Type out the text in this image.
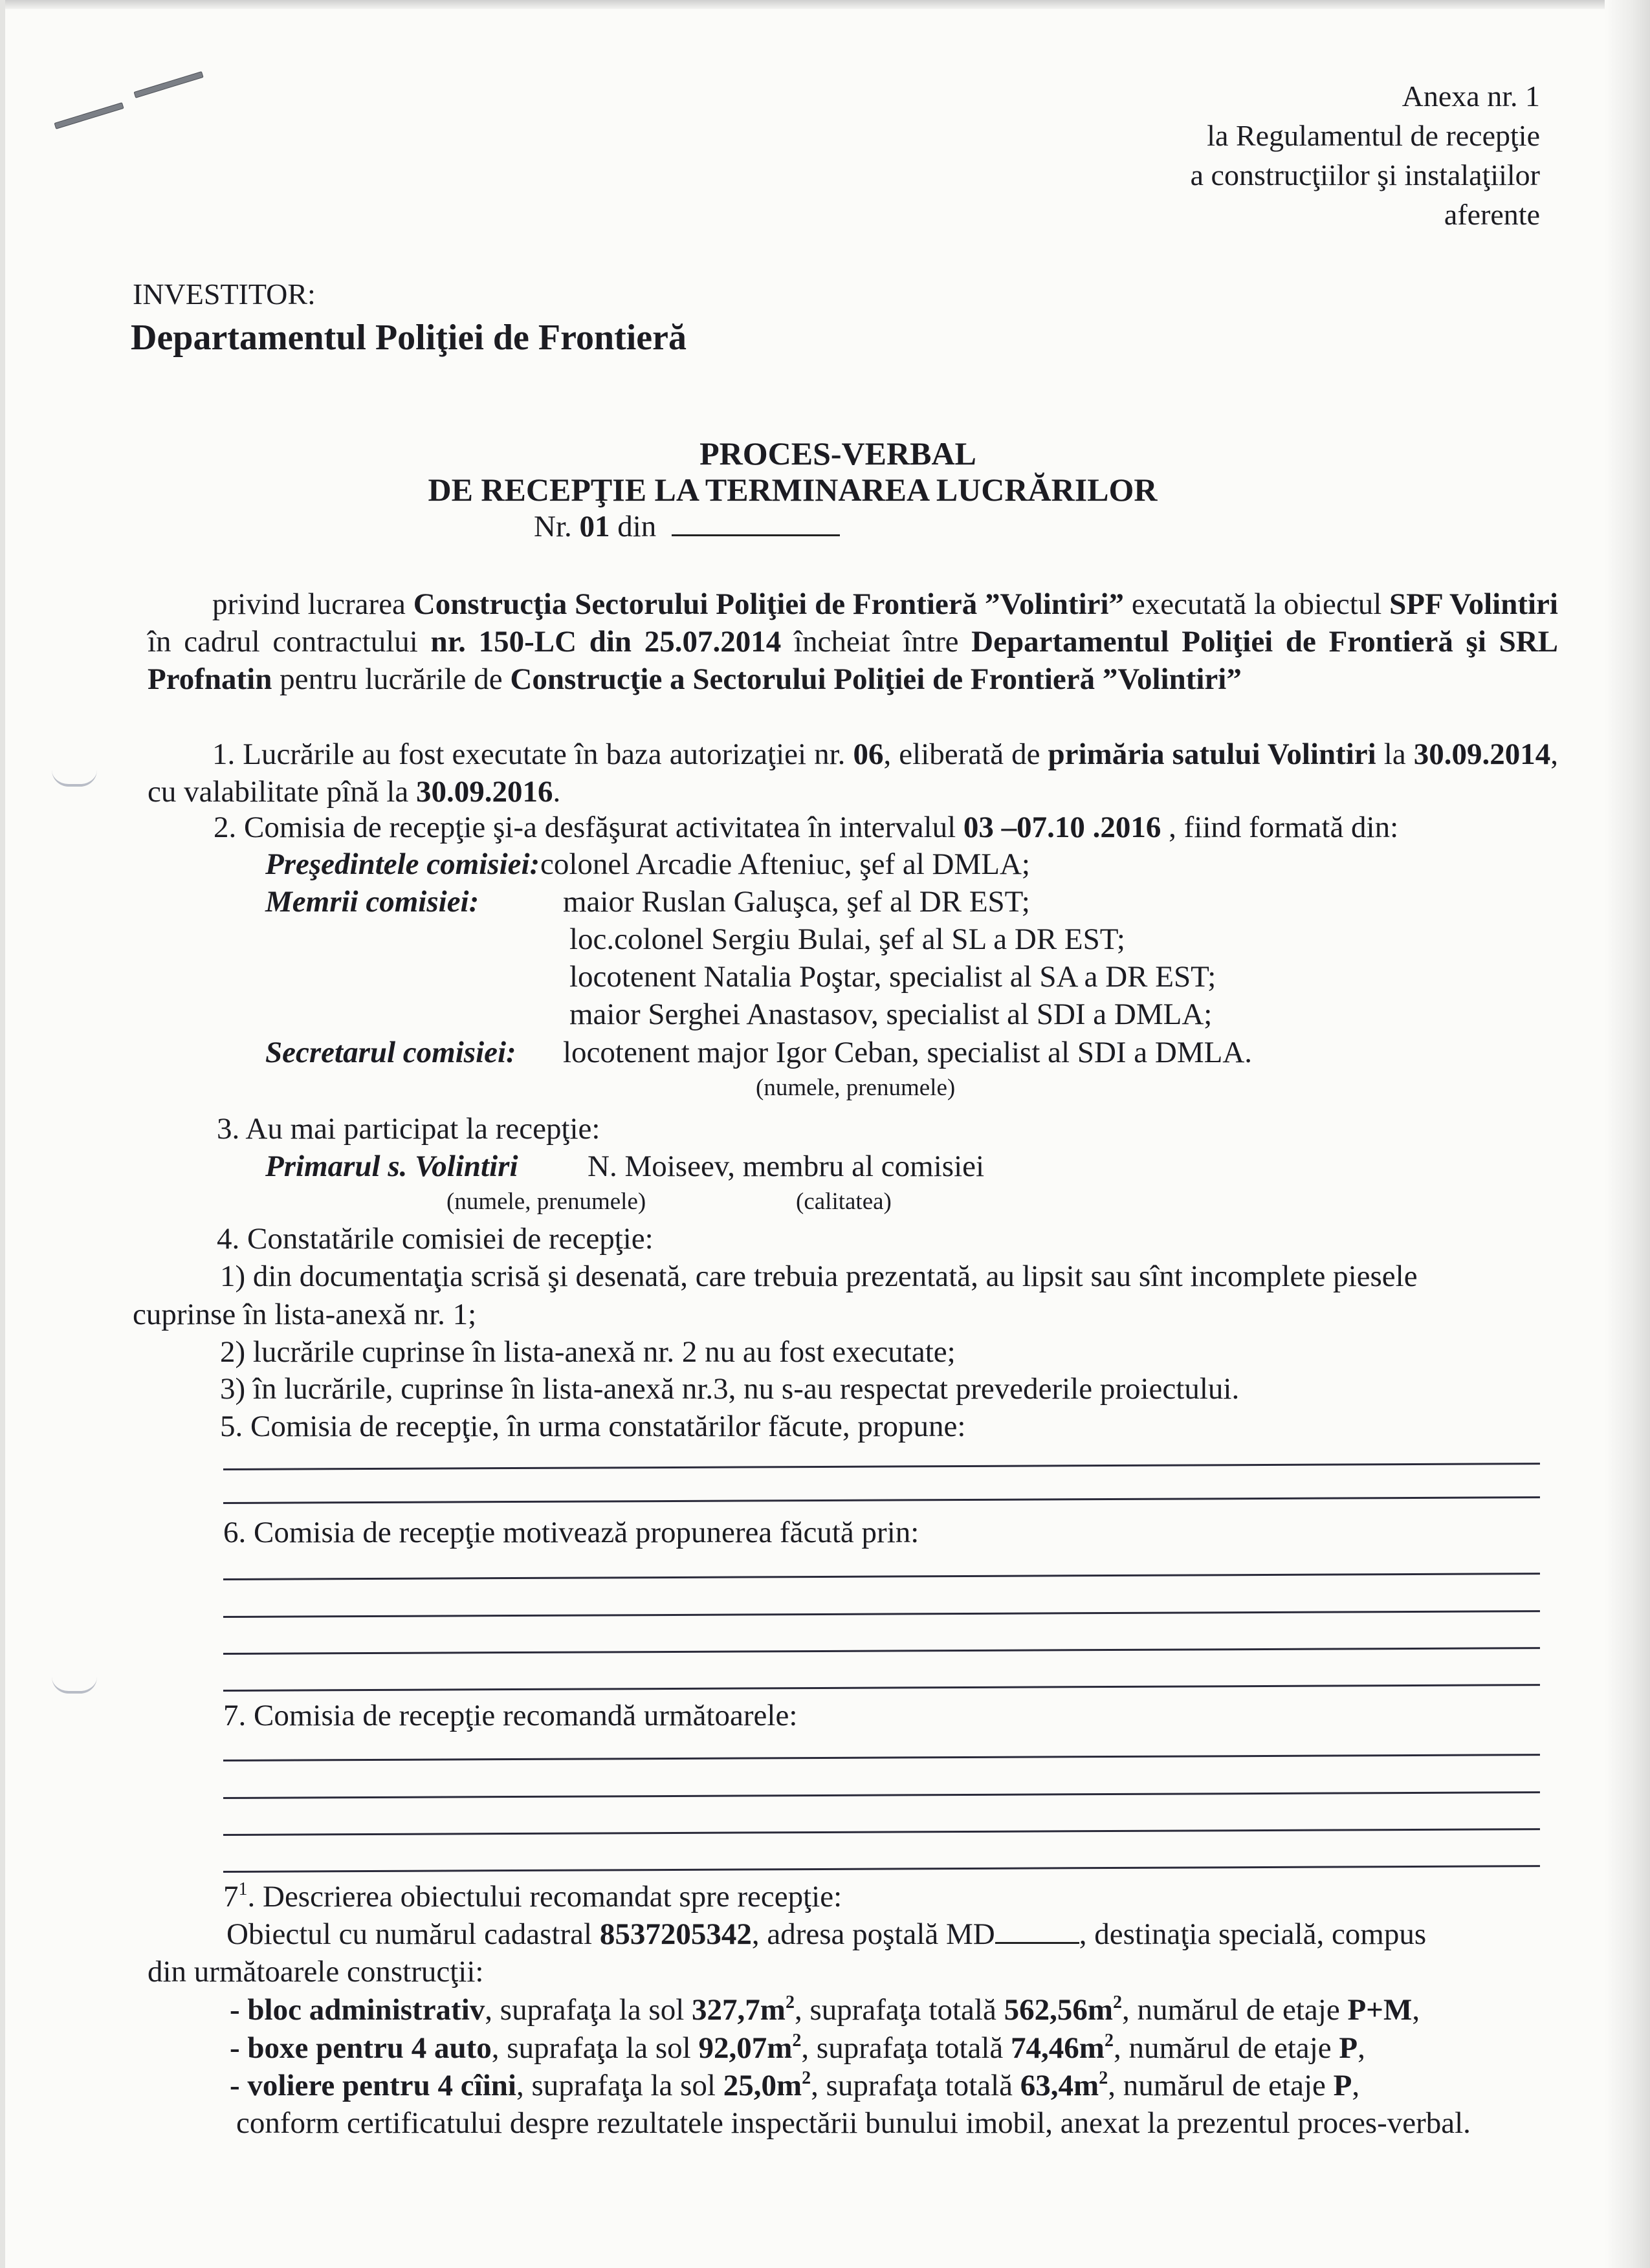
Anexa nr. 1
la Regulamentul de recepţie
a construcţiilor şi instalaţiilor
aferente
INVESTITOR:
Departamentul Poliţiei de Frontieră
PROCES-VERBAL
DE RECEPŢIE LA TERMINAREA LUCRĂRILOR
Nr. 01 din
privind lucrarea Construcţia Sectorului Poliţiei de Frontieră ”Volintiri” executată la obiectul SPF Volintiri în cadrul contractului nr. 150-LC din 25.07.2014 încheiat între Departamentul Poliţiei de Frontieră şi SRL Profnatin pentru lucrările de Construcţie a Sectorului Poliţiei de Frontieră ”Volintiri”
1. Lucrările au fost executate în baza autorizaţiei nr. 06, eliberată de primăria satului Volintiri la 30.09.2014, cu valabilitate pînă la 30.09.2016.
2. Comisia de recepţie şi-a desfăşurat activitatea în intervalul 03 –07.10 .2016 , fiind formată din:
Preşedintele comisiei: colonel Arcadie Afteniuc, şef al DMLA;
Memrii comisiei:	maior Ruslan Galuşca, şef al DR EST;
loc.colonel Sergiu Bulai, şef al SL a DR EST;
locotenent Natalia Poştar, specialist al SA a DR EST;
maior Serghei Anastasov, specialist al SDI a DMLA;
Secretarul comisiei: locotenent major Igor Ceban, specialist al SDI a DMLA.
(numele, prenumele)
3. Au mai participat la recepţie:
Primarul s. Volintiri N. Moiseev, membru al comisiei
(numele, prenumele)	(calitatea)
4. Constatările comisiei de recepţie:
1) din documentaţia scrisă şi desenată, care trebuia prezentată, au lipsit sau sînt incomplete piesele
cuprinse în lista-anexă nr. 1;
2) lucrările cuprinse în lista-anexă nr. 2 nu au fost executate;
3) în lucrările, cuprinse în lista-anexă nr.3, nu s-au respectat prevederile proiectului.
5. Comisia de recepţie, în urma constatărilor făcute, propune:
6. Comisia de recepţie motivează propunerea făcută prin:
7. Comisia de recepţie recomandă următoarele:
$7^1$. Descrierea obiectului recomandat spre recepţie:
Obiectul cu numărul cadastral 8537205342, adresa poştală MD	, destinaţia specială, compus
din următoarele construcţii:
- bloc administrativ, suprafaţa la sol $327,7m^2$, suprafaţa totală $562,56m^2$, numărul de etaje P+M,
- boxe pentru 4 auto, suprafaţa la sol $92,07m^2$, suprafaţa totală $74,46m^2$, numărul de etaje P,
- voliere pentru 4 cîini, suprafaţa la sol $25,0m^2$, suprafaţa totală $63,4m^2$, numărul de etaje P,
conform certificatului despre rezultatele inspectării bunului imobil, anexat la prezentul proces-verbal.
